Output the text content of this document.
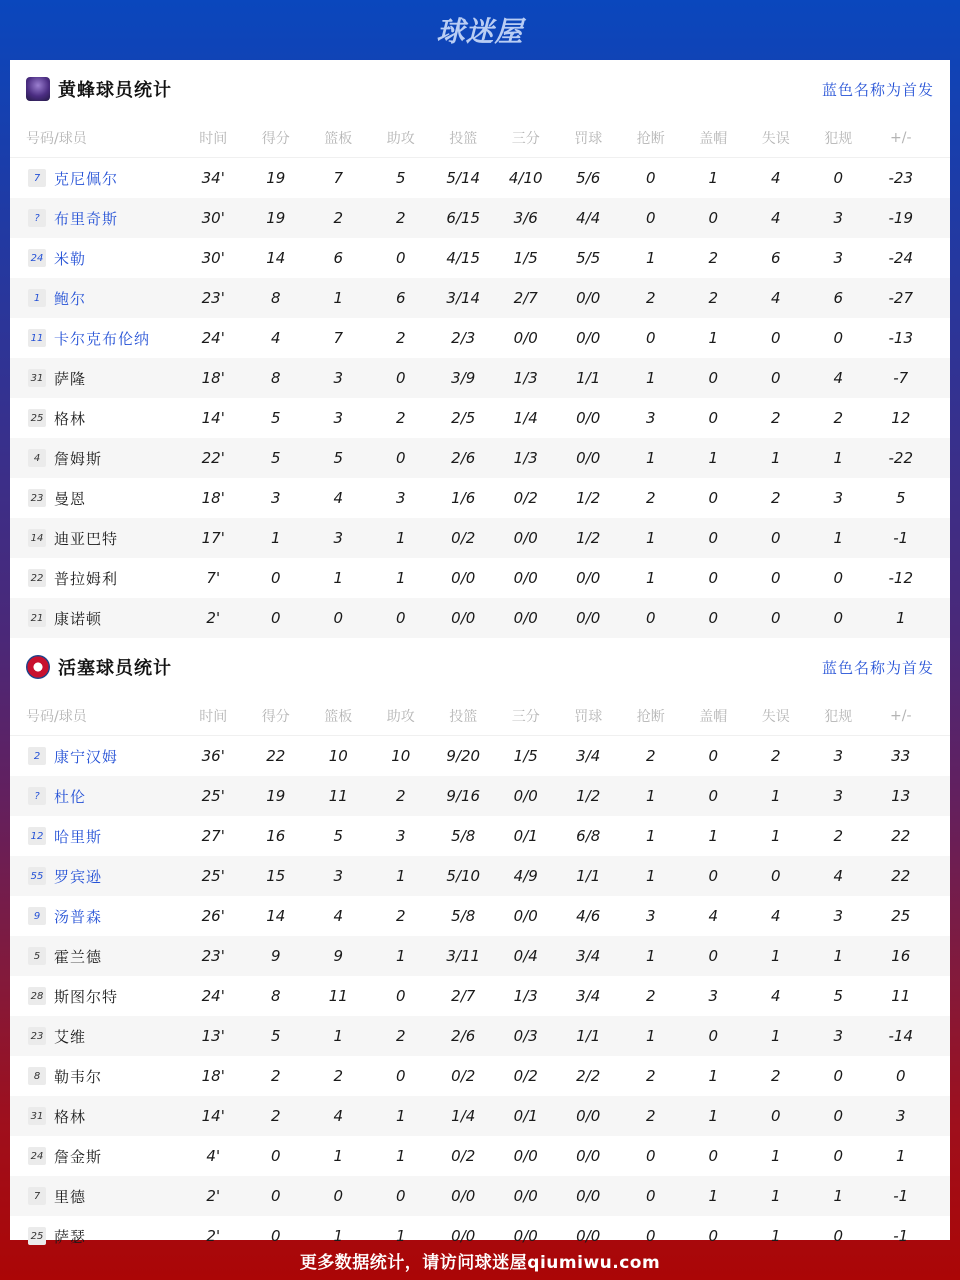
球迷屋
黄蜂球员统计	蓝色名称为首发
号码/球员	时间	得分	篮板	助攻	投篮	三分	罚球	抢断	盖帽	失误	犯规	+/-
7 克尼佩尔	34'	19	7	5	5/14	4/10	5/6	0	1	4	0	-23
? 布里奇斯	30'	19	2	2	6/15	3/6	4/4	0	0	4	3	-19
24 米勒	30'	14	6	0	4/15	1/5	5/5	1	2	6	3	-24
1 鲍尔	23'	8	1	6	3/14	2/7	0/0	2	2	4	6	-27
11 卡尔克布伦纳	24'	4	7	2	2/3	0/0	0/0	0	1	0	0	-13
31 萨隆	18'	8	3	0	3/9	1/3	1/1	1	0	0	4	-7
25 格林	14'	5	3	2	2/5	1/4	0/0	3	0	2	2	12
4 詹姆斯	22'	5	5	0	2/6	1/3	0/0	1	1	1	1	-22
23 曼恩	18'	3	4	3	1/6	0/2	1/2	2	0	2	3	5
14 迪亚巴特	17'	1	3	1	0/2	0/0	1/2	1	0	0	1	-1
22 普拉姆利	7'	0	1	1	0/0	0/0	0/0	1	0	0	0	-12
21 康诺顿	2'	0	0	0	0/0	0/0	0/0	0	0	0	0	1
活塞球员统计	蓝色名称为首发
号码/球员	时间	得分	篮板	助攻	投篮	三分	罚球	抢断	盖帽	失误	犯规	+/-
2 康宁汉姆	36'	22	10	10	9/20	1/5	3/4	2	0	2	3	33
? 杜伦	25'	19	11	2	9/16	0/0	1/2	1	0	1	3	13
12 哈里斯	27'	16	5	3	5/8	0/1	6/8	1	1	1	2	22
55 罗宾逊	25'	15	3	1	5/10	4/9	1/1	1	0	0	4	22
9 汤普森	26'	14	4	2	5/8	0/0	4/6	3	4	4	3	25
5 霍兰德	23'	9	9	1	3/11	0/4	3/4	1	0	1	1	16
28 斯图尔特	24'	8	11	0	2/7	1/3	3/4	2	3	4	5	11
23 艾维	13'	5	1	2	2/6	0/3	1/1	1	0	1	3	-14
8 勒韦尔	18'	2	2	0	0/2	0/2	2/2	2	1	2	0	0
31 格林	14'	2	4	1	1/4	0/1	0/0	2	1	0	0	3
24 詹金斯	4'	0	1	1	0/2	0/0	0/0	0	0	1	0	1
7 里德	2'	0	0	0	0/0	0/0	0/0	0	1	1	1	-1
25 萨瑟	2'	0	1	1	0/0	0/0	0/0	0	0	1	0	-1
更多数据统计，请访问球迷屋qiumiwu.com
